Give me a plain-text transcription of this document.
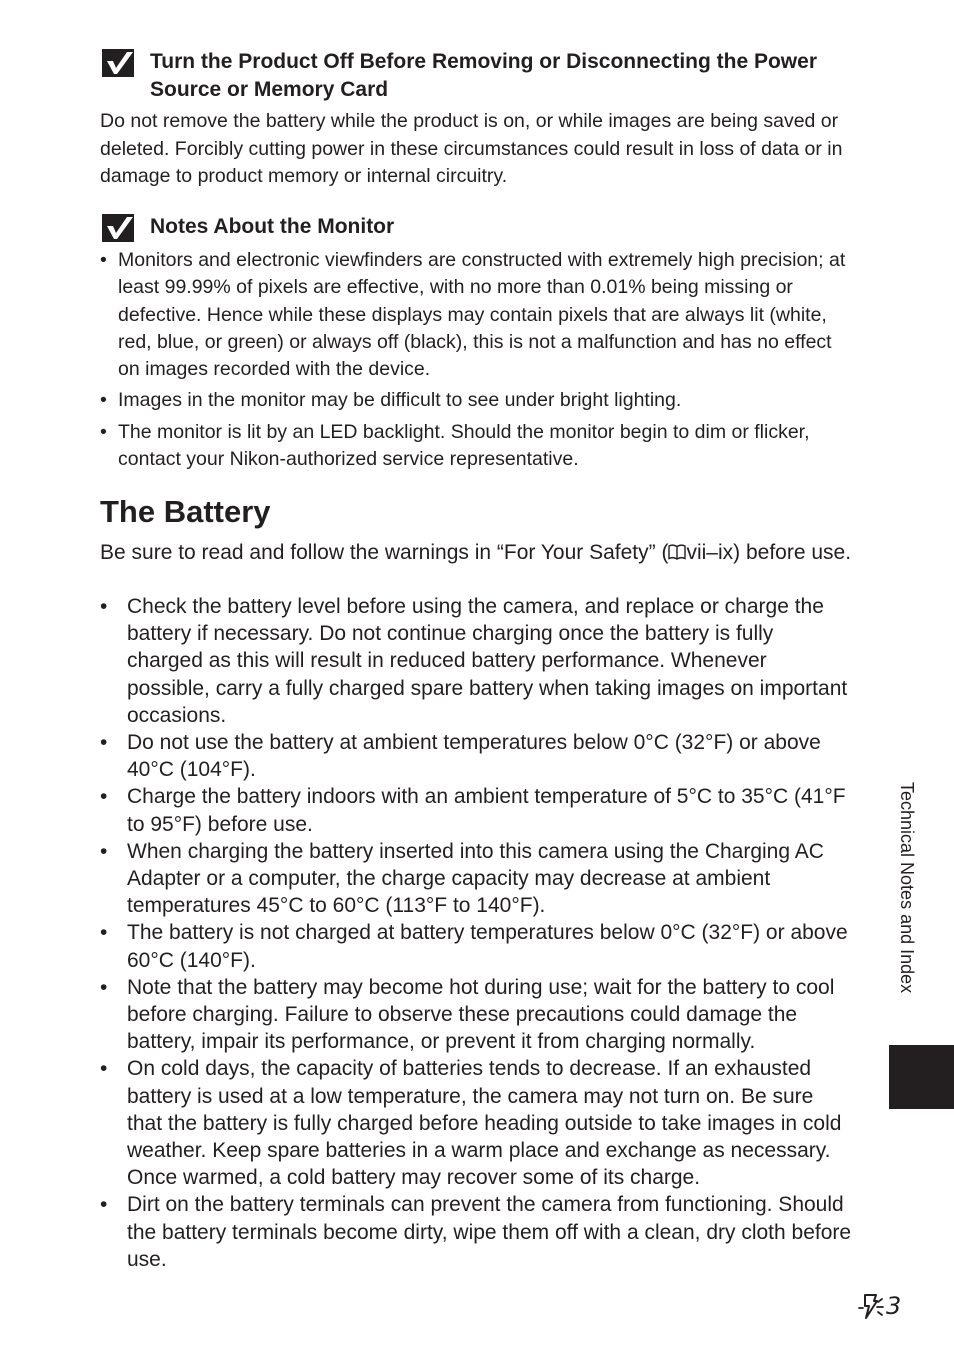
Turn the Product Off Before Removing or Disconnecting the Power Source or Memory Card
Do not remove the battery while the product is on, or while images are being saved or deleted. Forcibly cutting power in these circumstances could result in loss of data or in damage to product memory or internal circuitry.
Notes About the Monitor
• Monitors and electronic viewfinders are constructed with extremely high precision; at least 99.99% of pixels are effective, with no more than 0.01% being missing or defective. Hence while these displays may contain pixels that are always lit (white, red, blue, or green) or always off (black), this is not a malfunction and has no effect on images recorded with the device.
• Images in the monitor may be difficult to see under bright lighting.
• The monitor is lit by an LED backlight. Should the monitor begin to dim or flicker, contact your Nikon-authorized service representative.
The Battery

Be sure to read and follow the warnings in “For Your Safety” ( vii–ix) before use.

• Check the battery level before using the camera, and replace or charge the battery if necessary. Do not continue charging once the battery is fully charged as this will result in reduced battery performance. Whenever possible, carry a fully charged spare battery when taking images on important occasions.
• Do not use the battery at ambient temperatures below 0°C (32°F) or above 40°C (104°F).
• Charge the battery indoors with an ambient temperature of 5°C to 35°C (41°F to 95°F) before use.
• When charging the battery inserted into this camera using the Charging AC Adapter or a computer, the charge capacity may decrease at ambient temperatures 45°C to 60°C (113°F to 140°F).
• The battery is not charged at battery temperatures below 0°C (32°F) or above 60°C (140°F).
• Note that the battery may become hot during use; wait for the battery to cool before charging. Failure to observe these precautions could damage the battery, impair its performance, or prevent it from charging normally.
• On cold days, the capacity of batteries tends to decrease. If an exhausted battery is used at a low temperature, the camera may not turn on. Be sure that the battery is fully charged before heading outside to take images in cold weather. Keep spare batteries in a warm place and exchange as necessary. Once warmed, a cold battery may recover some of its charge.
• Dirt on the battery terminals can prevent the camera from functioning. Should the battery terminals become dirty, wipe them off with a clean, dry cloth before use.
Technical Notes and Index
3
